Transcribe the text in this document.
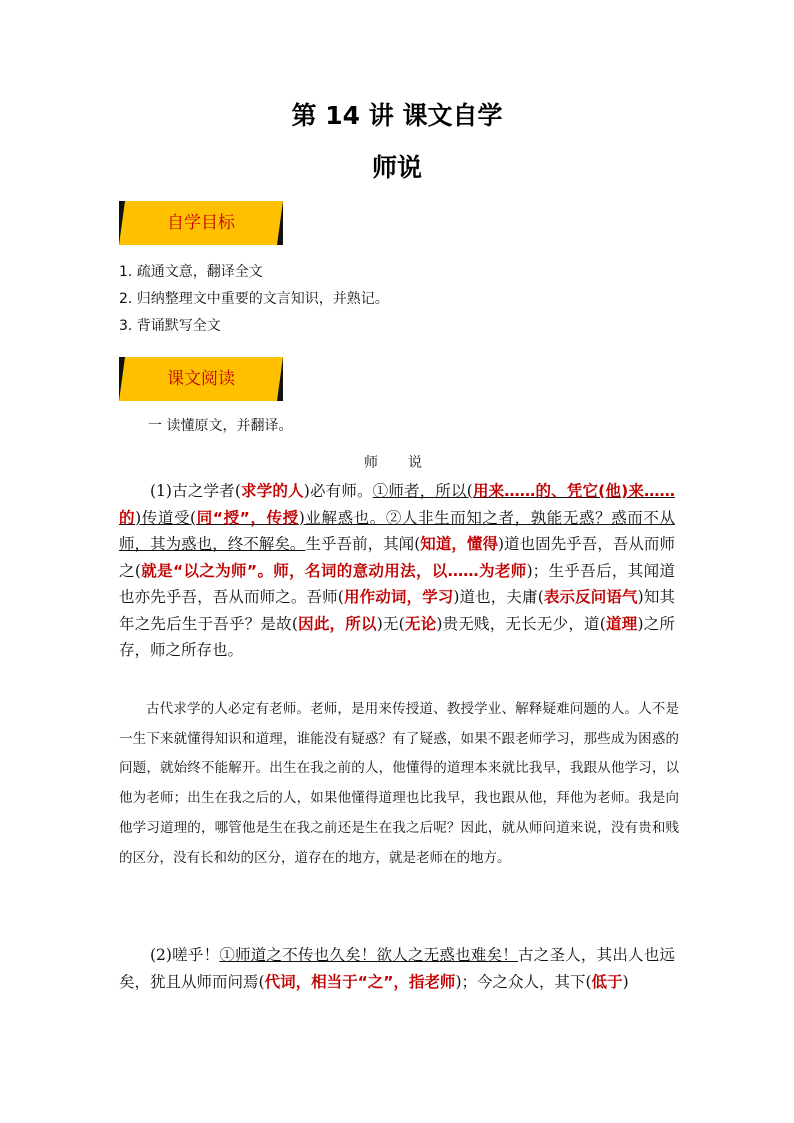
第 14 讲 课文自学
师说
自学目标
1. 疏通文意，翻译全文
2. 归纳整理文中重要的文言知识，并熟记。
3. 背诵默写全文
课文阅读
一 读懂原文，并翻译。
师说
(1)古之学者(求学的人)必有师。①师者，所以(用来……的、凭它(他)来……的)传道受(同“授”，传授)业解惑也。②人非生而知之者，孰能无惑？惑而不从师，其为惑也，终不解矣。生乎吾前，其闻(知道，懂得)道也固先乎吾，吾从而师之(就是“以之为师”。师，名词的意动用法，以……为老师)；生乎吾后，其闻道也亦先乎吾，吾从而师之。吾师(用作动词，学习)道也，夫庸(表示反问语气)知其年之先后生于吾乎？是故(因此，所以)无(无论)贵无贱，无长无少，道(道理)之所存，师之所存也。
古代求学的人必定有老师。老师，是用来传授道、教授学业、解释疑难问题的人。人不是一生下来就懂得知识和道理，谁能没有疑惑？有了疑惑，如果不跟老师学习，那些成为困惑的问题，就始终不能解开。出生在我之前的人，他懂得的道理本来就比我早，我跟从他学习，以他为老师；出生在我之后的人，如果他懂得道理也比我早，我也跟从他，拜他为老师。我是向他学习道理的，哪管他是生在我之前还是生在我之后呢？因此，就从师问道来说，没有贵和贱的区分，没有长和幼的区分，道存在的地方，就是老师在的地方。
(2)嗟乎！①师道之不传也久矣！欲人之无惑也难矣！古之圣人，其出人也远矣，犹且从师而问焉(代词，相当于“之”，指老师)；今之众人，其下(低于)
